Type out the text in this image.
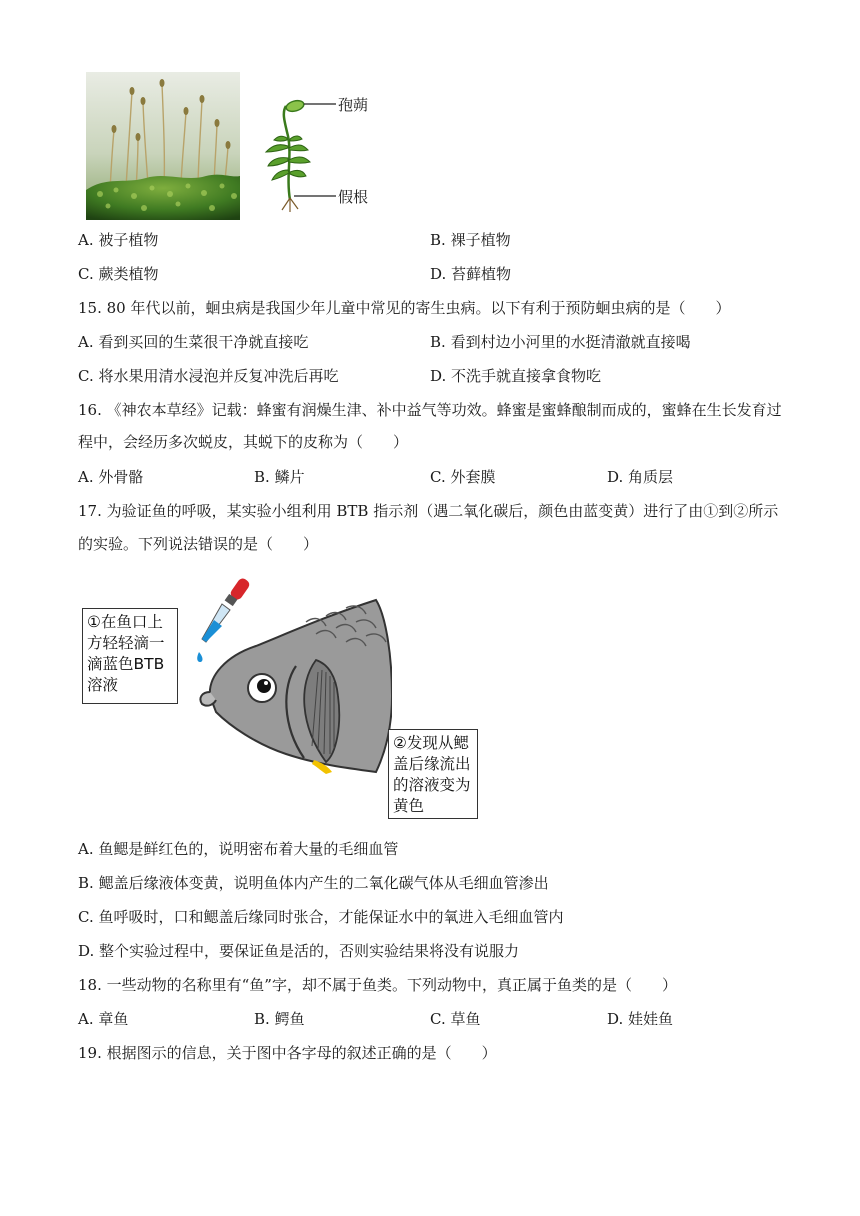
孢蒴
假根
A. 被子植物	B. 裸子植物
C. 蕨类植物	D. 苔藓植物
15. 80 年代以前，蛔虫病是我国少年儿童中常见的寄生虫病。以下有利于预防蛔虫病的是（　　）
A. 看到买回的生菜很干净就直接吃	B. 看到村边小河里的水挺清澈就直接喝
C. 将水果用清水浸泡并反复冲洗后再吃	D. 不洗手就直接拿食物吃
16. 《神农本草经》记载：蜂蜜有润燥生津、补中益气等功效。蜂蜜是蜜蜂酿制而成的，蜜蜂在生长发育过
程中，会经历多次蜕皮，其蜕下的皮称为（　　）
A. 外骨骼	B. 鳞片	C. 外套膜	D. 角质层
17. 为验证鱼的呼吸，某实验小组利用 BTB 指示剂（遇二氧化碳后，颜色由蓝变黄）进行了由①到②所示
的实验。下列说法错误的是（　　）
①在鱼口上
方轻轻滴一
滴蓝色BTB
溶液
②发现从鳃
盖后缘流出
的溶液变为
黄色
A. 鱼鳃是鲜红色的，说明密布着大量的毛细血管
B. 鳃盖后缘液体变黄，说明鱼体内产生的二氧化碳气体从毛细血管渗出
C. 鱼呼吸时，口和鳃盖后缘同时张合，才能保证水中的氧进入毛细血管内
D. 整个实验过程中，要保证鱼是活的，否则实验结果将没有说服力
18. 一些动物的名称里有“鱼”字，却不属于鱼类。下列动物中，真正属于鱼类的是（　　）
A. 章鱼	B. 鳄鱼	C. 草鱼	D. 娃娃鱼
19. 根据图示的信息，关于图中各字母的叙述正确的是（　　）
